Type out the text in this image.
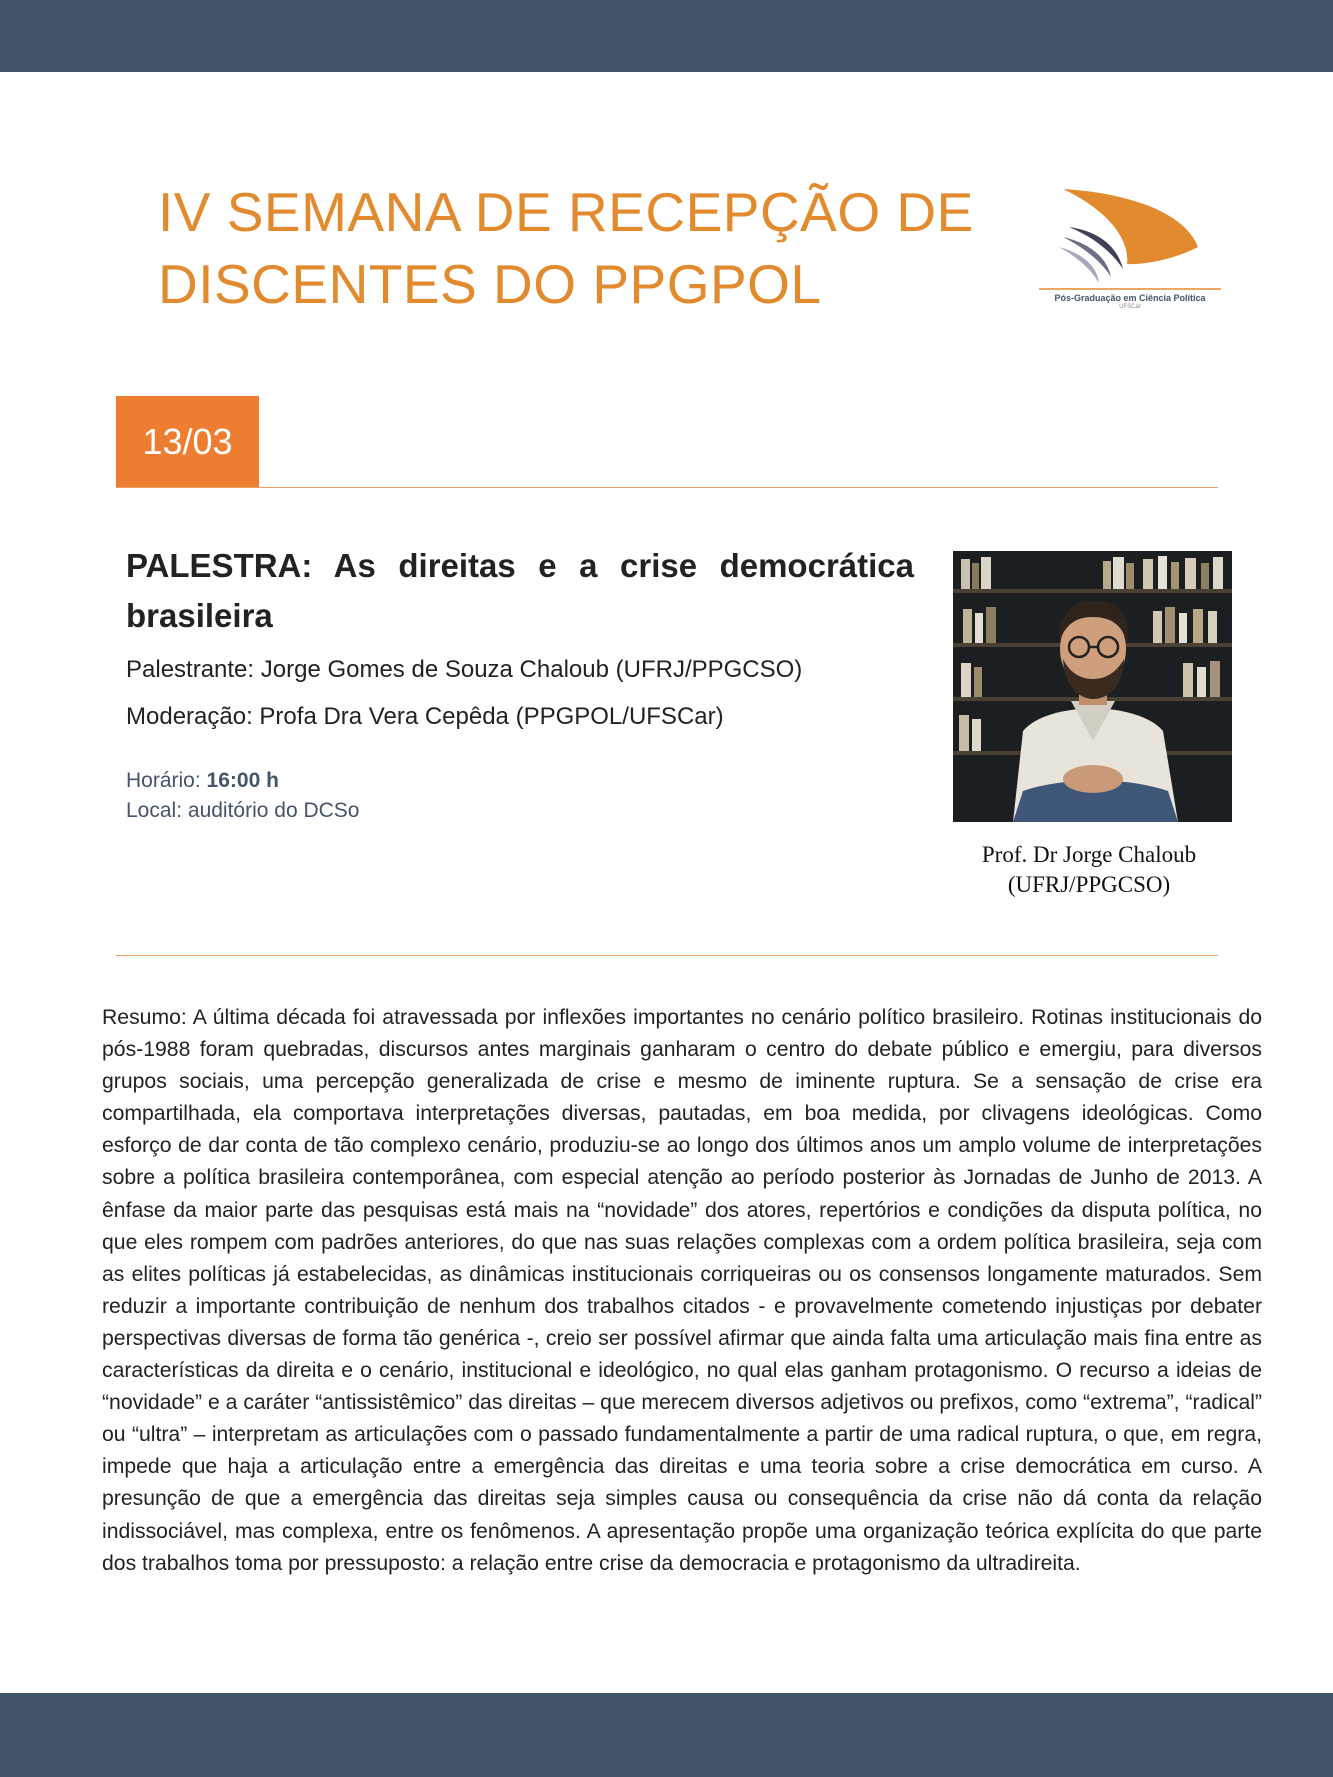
IV SEMANA DE RECEPÇÃO DE
DISCENTES DO PPGPOL	Pós-Graduação em Ciência Política

UFSCar

13/03

PALESTRA: As direitas e a crise democrática brasileira

Palestrante: Jorge Gomes de Souza Chaloub (UFRJ/PPGCSO)

Moderação: Profa Dra Vera Cepêda (PPGPOL/UFSCar)

Horário: 16:00 h

Local: auditório do DCSo

Prof. Dr Jorge Chaloub
(UFRJ/PPGCSO)

Resumo: A última década foi atravessada por inflexões importantes no cenário político brasileiro. Rotinas institucionais do pós-1988 foram quebradas, discursos antes marginais ganharam o centro do debate público e emergiu, para diversos grupos sociais, uma percepção generalizada de crise e mesmo de iminente ruptura. Se a sensação de crise era compartilhada, ela comportava interpretações diversas, pautadas, em boa medida, por clivagens ideológicas. Como esforço de dar conta de tão complexo cenário, produziu-se ao longo dos últimos anos um amplo volume de interpretações sobre a política brasileira contemporânea, com especial atenção ao período posterior às Jornadas de Junho de 2013. A ênfase da maior parte das pesquisas está mais na “novidade” dos atores, repertórios e condições da disputa política, no que eles rompem com padrões anteriores, do que nas suas relações complexas com a ordem política brasileira, seja com as elites políticas já estabelecidas, as dinâmicas institucionais corriqueiras ou os consensos longamente maturados. Sem reduzir a importante contribuição de nenhum dos trabalhos citados - e provavelmente cometendo injustiças por debater perspectivas diversas de forma tão genérica -, creio ser possível afirmar que ainda falta uma articulação mais fina entre as características da direita e o cenário, institucional e ideológico, no qual elas ganham protagonismo. O recurso a ideias de “novidade” e a caráter “antissistêmico” das direitas – que merecem diversos adjetivos ou prefixos, como “extrema”, “radical” ou “ultra” – interpretam as articulações com o passado fundamentalmente a partir de uma radical ruptura, o que, em regra, impede que haja a articulação entre a emergência das direitas e uma teoria sobre a crise democrática em curso. A presunção de que a emergência das direitas seja simples causa ou consequência da crise não dá conta da relação indissociável, mas complexa, entre os fenômenos. A apresentação propõe uma organização teórica explícita do que parte dos trabalhos toma por pressuposto: a relação entre crise da democracia e protagonismo da ultradireita.
